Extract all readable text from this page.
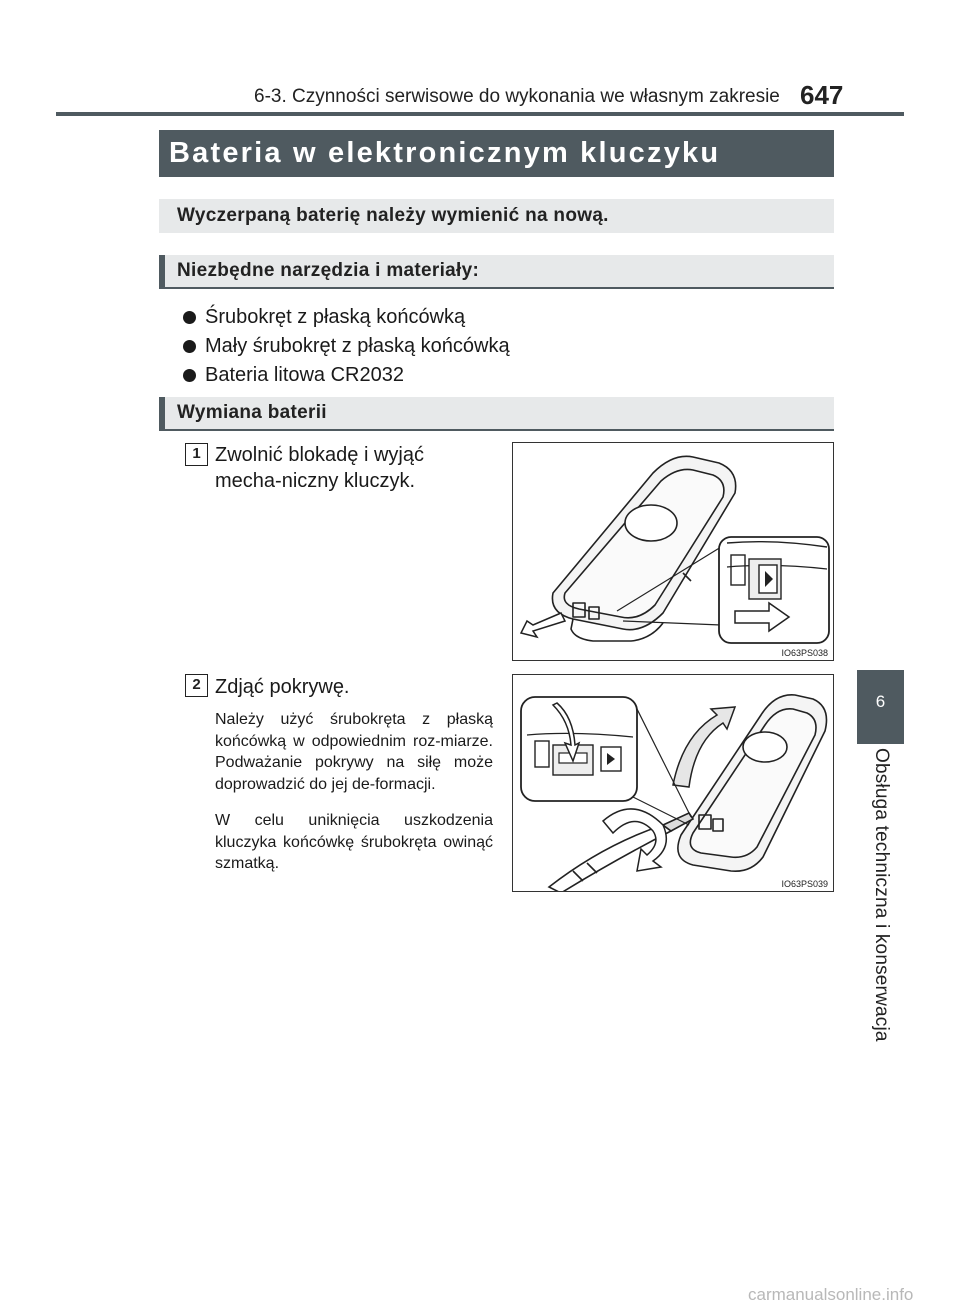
6-3. Czynności serwisowe do wykonania we własnym zakresie 647
6
Obsługa techniczna i konserwacja
Bateria w elektronicznym kluczyku
Wyczerpaną baterię należy wymienić na nową.
Niezbędne narzędzia i materiały:
Śrubokręt z płaską końcówką
Mały śrubokręt z płaską końcówką
Bateria litowa CR2032
Wymiana baterii
1 Zwolnić blokadę i wyjąć mecha-niczny kluczyk.
IO63PS038
2 Zdjąć pokrywę.
Należy użyć śrubokręta z płaską końcówką w odpowiednim roz-miarze. Podważanie pokrywy na siłę może doprowadzić do jej de-formacji.
W celu uniknięcia uszkodzenia kluczyka końcówkę śrubokręta owinąć szmatką.
IO63PS039
carmanualsonline.info
